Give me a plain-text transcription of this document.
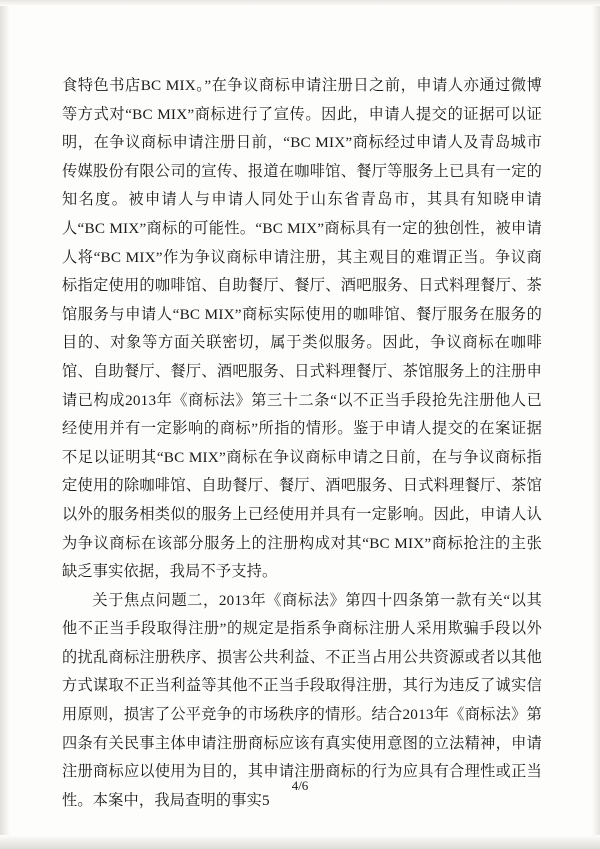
食特色书店BC MIX。”在争议商标申请注册日之前，申请人亦通过微博等方式对“BC MIX”商标进行了宣传。因此，申请人提交的证据可以证明，在争议商标申请注册日前，“BC MIX”商标经过申请人及青岛城市传媒股份有限公司的宣传、报道在咖啡馆、餐厅等服务上已具有一定的知名度。被申请人与申请人同处于山东省青岛市，其具有知晓申请人“BC MIX”商标的可能性。“BC MIX”商标具有一定的独创性，被申请人将“BC MIX”作为争议商标申请注册，其主观目的难谓正当。争议商标指定使用的咖啡馆、自助餐厅、餐厅、酒吧服务、日式料理餐厅、茶馆服务与申请人“BC MIX”商标实际使用的咖啡馆、餐厅服务在服务的目的、对象等方面关联密切，属于类似服务。因此，争议商标在咖啡馆、自助餐厅、餐厅、酒吧服务、日式料理餐厅、茶馆服务上的注册申请已构成2013年《商标法》第三十二条“以不正当手段抢先注册他人已经使用并有一定影响的商标”所指的情形。鉴于申请人提交的在案证据不足以证明其“BC MIX”商标在争议商标申请之日前，在与争议商标指定使用的除咖啡馆、自助餐厅、餐厅、酒吧服务、日式料理餐厅、茶馆以外的服务相类似的服务上已经使用并具有一定影响。因此，申请人认为争议商标在该部分服务上的注册构成对其“BC MIX”商标抢注的主张缺乏事实依据，我局不予支持。

关于焦点问题二，2013年《商标法》第四十四条第一款有关“以其他不正当手段取得注册”的规定是指系争商标注册人采用欺骗手段以外的扰乱商标注册秩序、损害公共利益、不正当占用公共资源或者以其他方式谋取不正当利益等其他不正当手段取得注册，其行为违反了诚实信用原则，损害了公平竞争的市场秩序的情形。结合2013年《商标法》第四条有关民事主体申请注册商标应该有真实使用意图的立法精神，申请注册商标应以使用为目的，其申请注册商标的行为应具有合理性或正当性。本案中，我局查明的事实5

4/6
